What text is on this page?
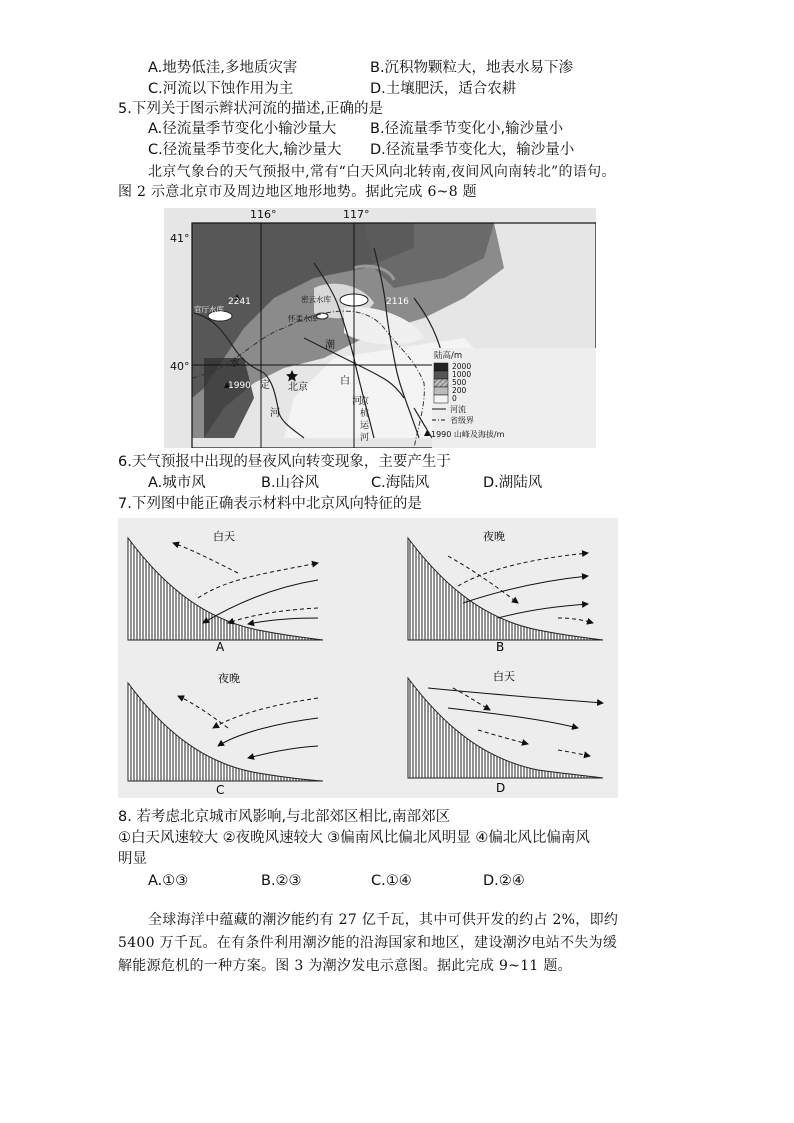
A.地势低洼,多地质灾害	B.沉积物颗粒大，地表水易下渗
C.河流以下蚀作用为主	D.土壤肥沃，适合农耕
5.下列关于图示辫状河流的描述,正确的是
A.径流量季节变化小输沙量大 B.径流量季节变化小,输沙量小
C.径流量季节变化大,输沙量大 D.径流量季节变化大，输沙量小
北京气象台的天气预报中,常有“白天风向北转南,夜间风向南转北”的语句。
图 2 示意北京市及周边地区地形地势。据此完成 6~8 题
116°	117°
41°
40°
2241	2116
1990
官厅水库
密云水库
怀柔水库
北京
潮
白
河
水
定
河
京
杭
运
河
陆高/m
2000
1000
500
200
0
河流
省级界
1990 山峰及海拔/m
6.天气预报中出现的昼夜风向转变现象，主要产生于
A.城市风	B.山谷风	C.海陆风	D.湖陆风
7.下列图中能正确表示材料中北京风向特征的是
白天
A
夜晚
B
夜晚
C
白天
D
8. 若考虑北京城市风影响,与北部郊区相比,南部郊区
①白天风速较大 ②夜晚风速较大 ③偏南风比偏北风明显 ④偏北风比偏南风
明显
A.①③	B.②③	C.①④	D.②④
全球海洋中蕴藏的潮汐能约有 27 亿千瓦，其中可供开发的约占 2%，即约
5400 万千瓦。在有条件利用潮汐能的沿海国家和地区，建设潮汐电站不失为缓
解能源危机的一种方案。图 3 为潮汐发电示意图。据此完成 9~11 题。
